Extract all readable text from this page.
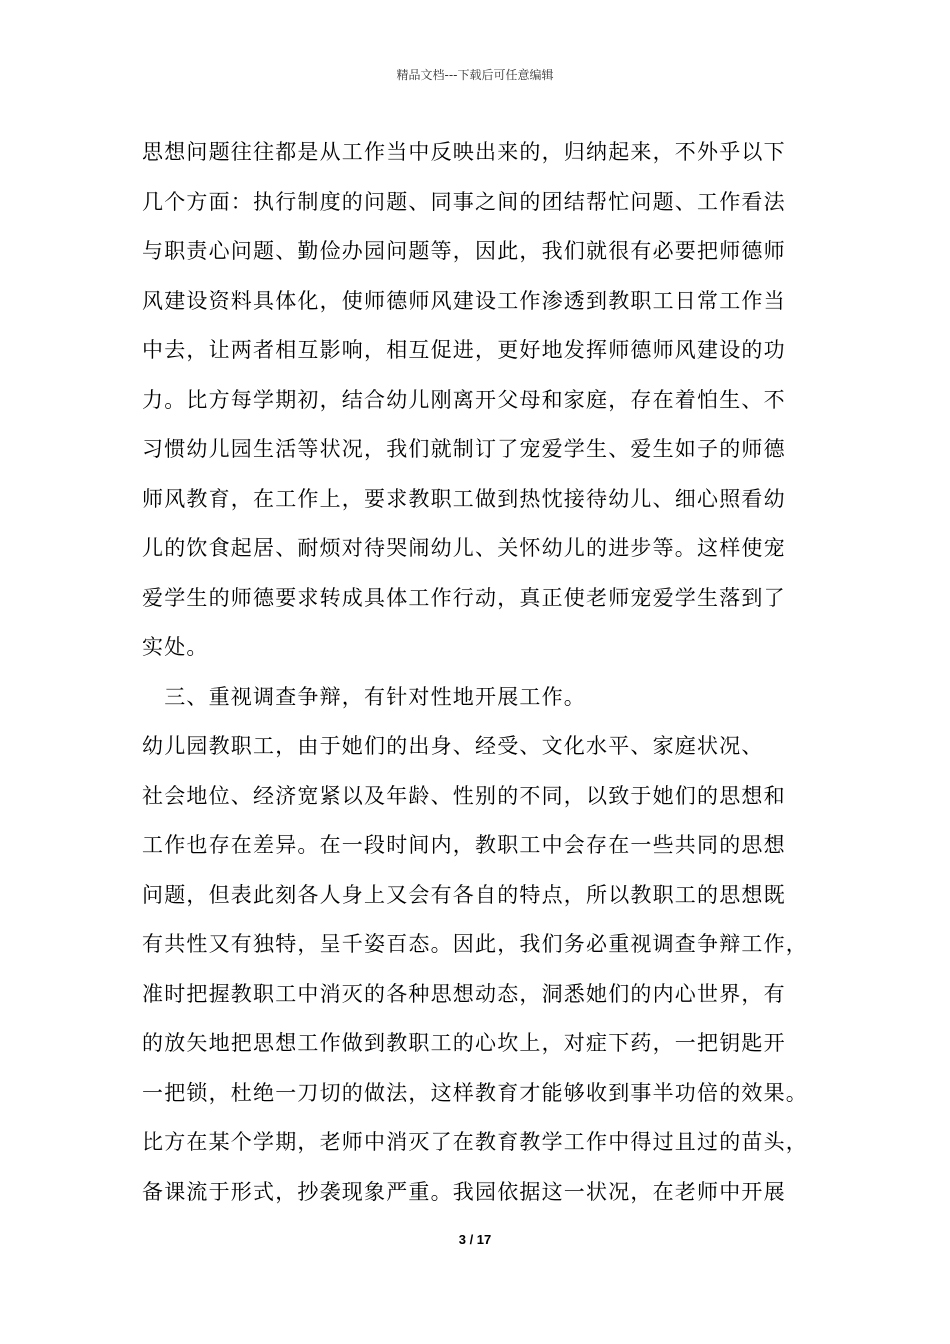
精品文档---下载后可任意编辑
思想问题往往都是从工作当中反映出来的，归纳起来，不外乎以下
几个方面：执行制度的问题、同事之间的团结帮忙问题、工作看法
与职责心问题、勤俭办园问题等，因此，我们就很有必要把师德师
风建设资料具体化，使师德师风建设工作渗透到教职工日常工作当
中去，让两者相互影响，相互促进，更好地发挥师德师风建设的功
力。比方每学期初，结合幼儿刚离开父母和家庭，存在着怕生、不
习惯幼儿园生活等状况，我们就制订了宠爱学生、爱生如子的师德
师风教育，在工作上，要求教职工做到热忱接待幼儿、细心照看幼
儿的饮食起居、耐烦对待哭闹幼儿、关怀幼儿的进步等。这样使宠
爱学生的师德要求转成具体工作行动，真正使老师宠爱学生落到了
实处。
　三、重视调查争辩，有针对性地开展工作。
幼儿园教职工，由于她们的出身、经受、文化水平、家庭状况、
社会地位、经济宽紧以及年龄、性别的不同，以致于她们的思想和
工作也存在差异。在一段时间内，教职工中会存在一些共同的思想
问题，但表此刻各人身上又会有各自的特点，所以教职工的思想既
有共性又有独特，呈千姿百态。因此，我们务必重视调查争辩工作，
准时把握教职工中消灭的各种思想动态，洞悉她们的内心世界，有
的放矢地把思想工作做到教职工的心坎上，对症下药，一把钥匙开
一把锁，杜绝一刀切的做法，这样教育才能够收到事半功倍的效果。
比方在某个学期，老师中消灭了在教育教学工作中得过且过的苗头，
备课流于形式，抄袭现象严重。我园依据这一状况，在老师中开展
3 / 17
